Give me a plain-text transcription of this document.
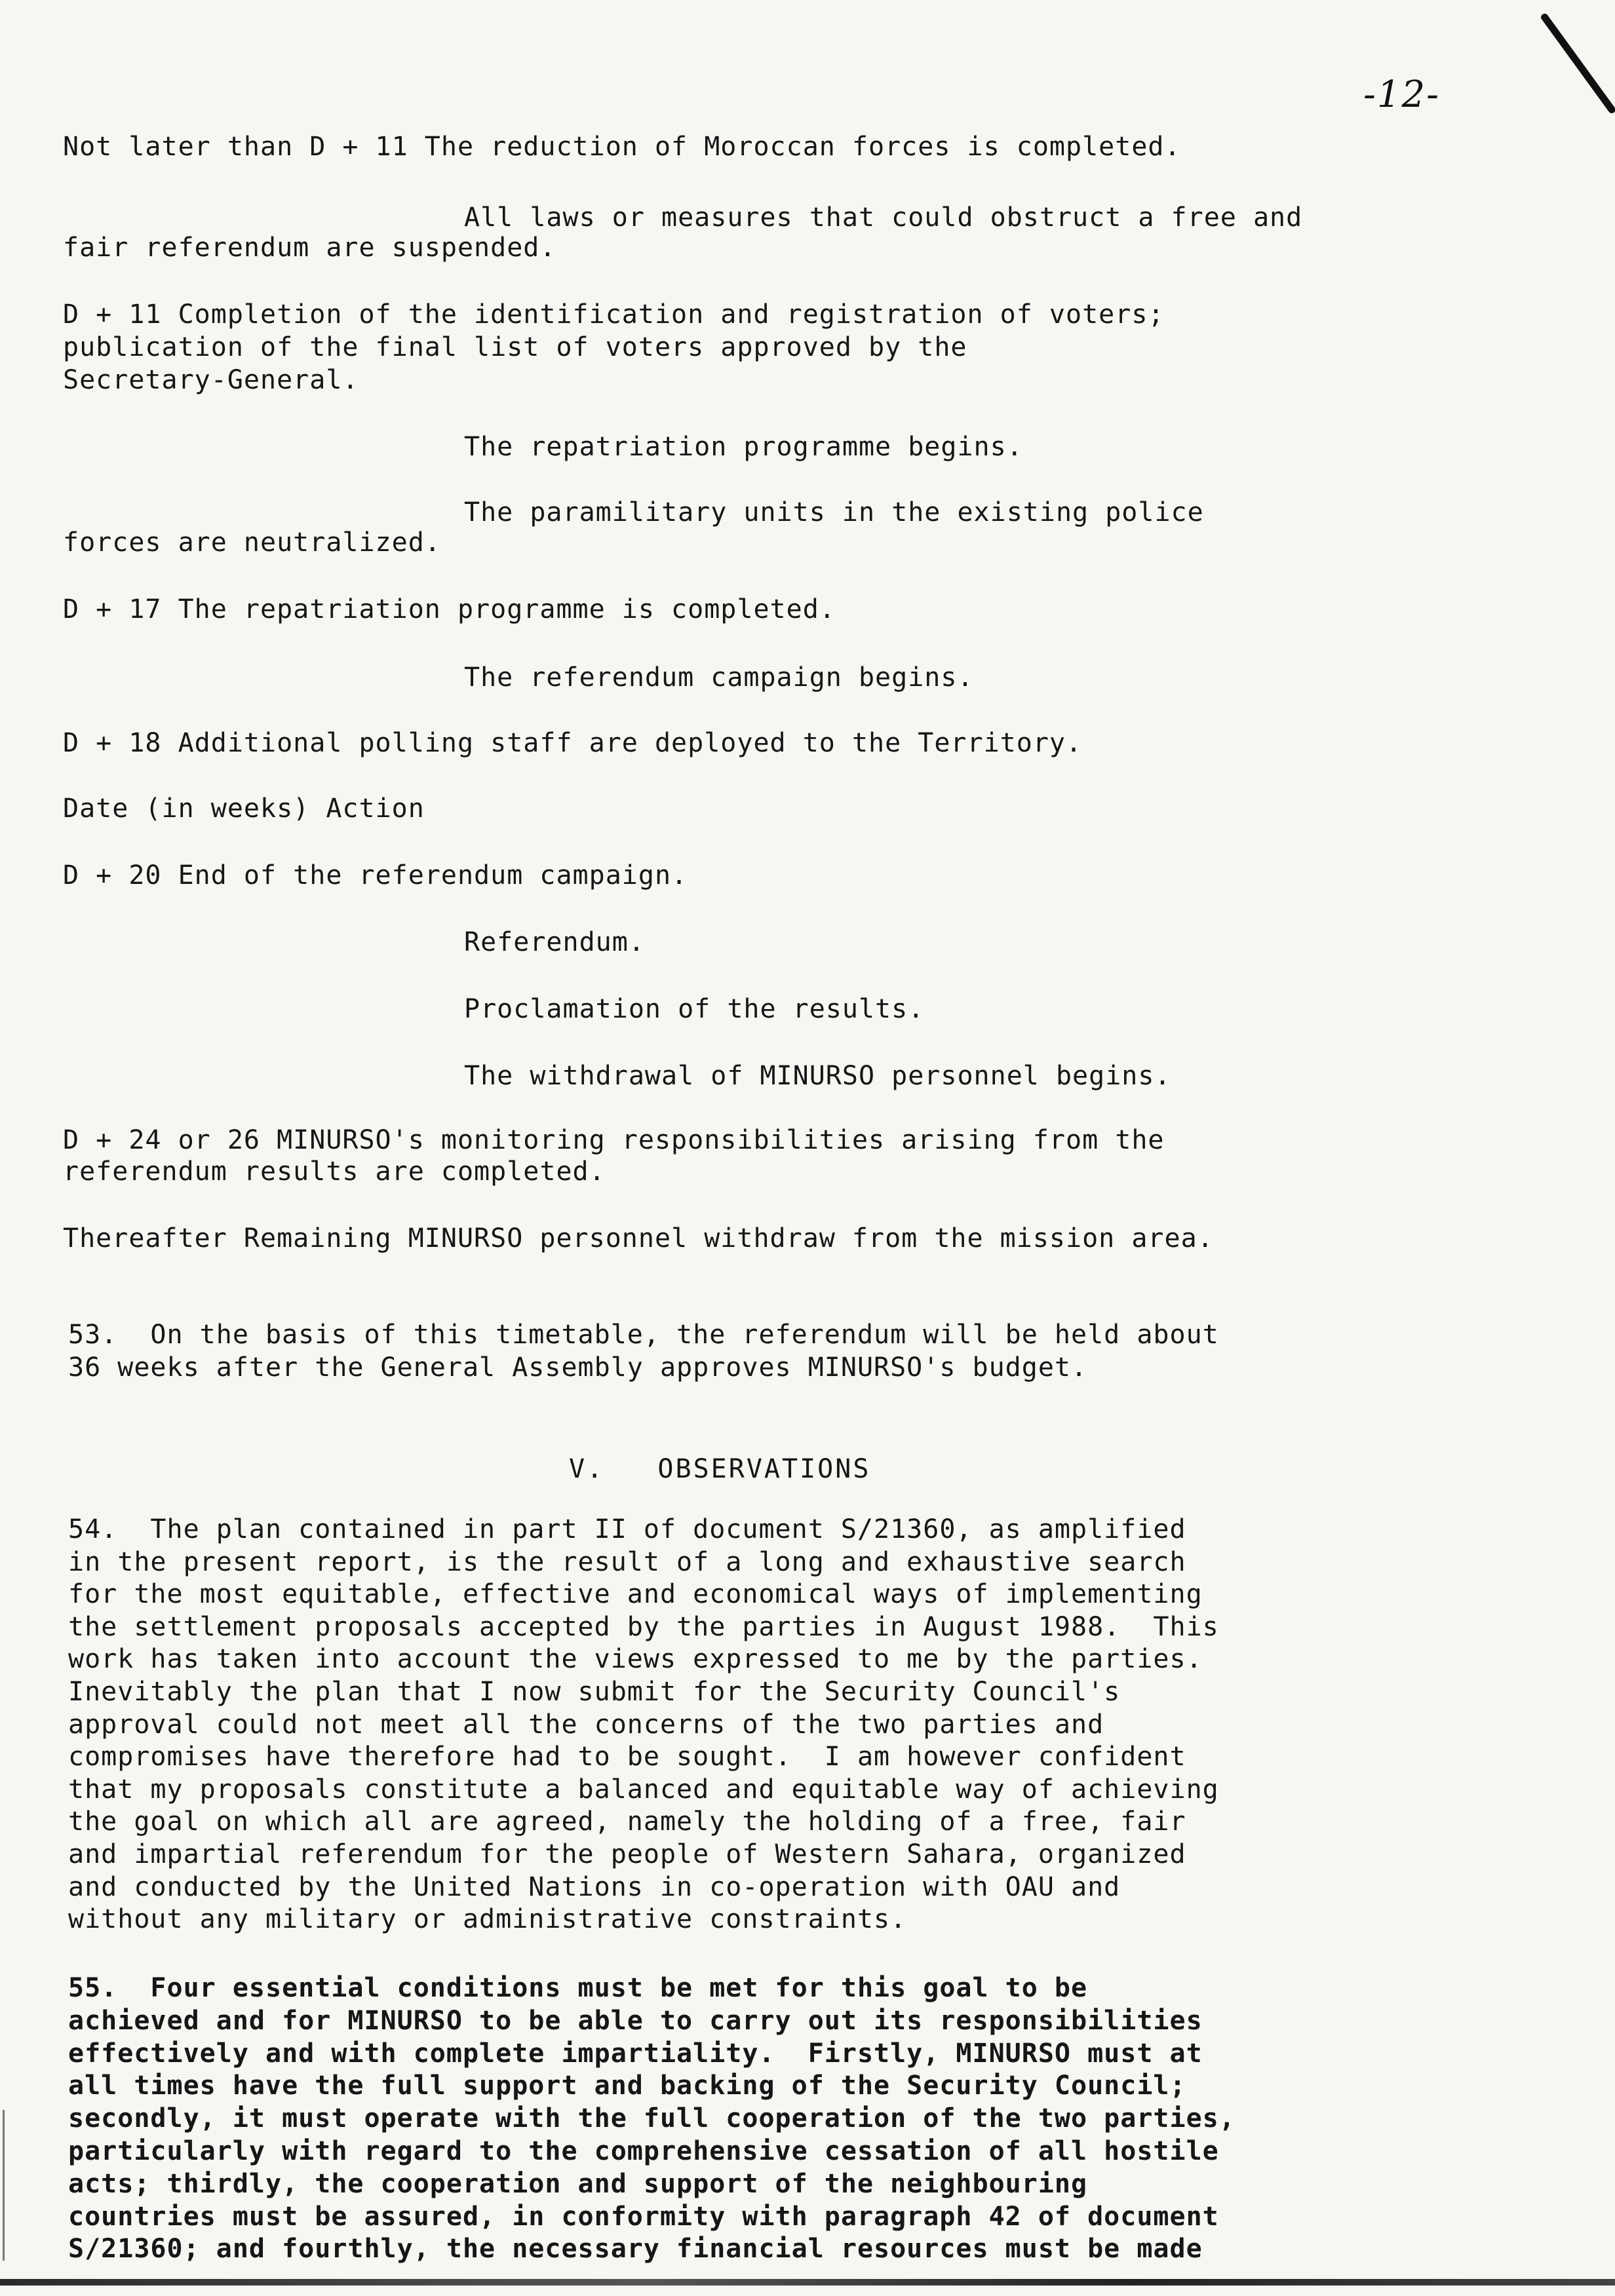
-12-
Not later than D + 11 The reduction of Moroccan forces is completed.
All laws or measures that could obstruct a free and
fair referendum are suspended.
D + 11 Completion of the identification and registration of voters;
publication of the final list of voters approved by the
Secretary-General.
The repatriation programme begins.
The paramilitary units in the existing police
forces are neutralized.
D + 17 The repatriation programme is completed.
The referendum campaign begins.
D + 18 Additional polling staff are deployed to the Territory.
Date (in weeks) Action
D + 20 End of the referendum campaign.
Referendum.
Proclamation of the results.
The withdrawal of MINURSO personnel begins.
D + 24 or 26 MINURSO's monitoring responsibilities arising from the
referendum results are completed.
Thereafter Remaining MINURSO personnel withdraw from the mission area.
53.  On the basis of this timetable, the referendum will be held about
36 weeks after the General Assembly approves MINURSO's budget.
V.   OBSERVATIONS
54.  The plan contained in part II of document S/21360, as amplified
in the present report, is the result of a long and exhaustive search
for the most equitable, effective and economical ways of implementing
the settlement proposals accepted by the parties in August 1988.  This
work has taken into account the views expressed to me by the parties.
Inevitably the plan that I now submit for the Security Council's
approval could not meet all the concerns of the two parties and
compromises have therefore had to be sought.  I am however confident
that my proposals constitute a balanced and equitable way of achieving
the goal on which all are agreed, namely the holding of a free, fair
and impartial referendum for the people of Western Sahara, organized
and conducted by the United Nations in co-operation with OAU and
without any military or administrative constraints.
55.  Four essential conditions must be met for this goal to be
achieved and for MINURSO to be able to carry out its responsibilities
effectively and with complete impartiality.  Firstly, MINURSO must at
all times have the full support and backing of the Security Council;
secondly, it must operate with the full cooperation of the two parties,
particularly with regard to the comprehensive cessation of all hostile
acts; thirdly, the cooperation and support of the neighbouring
countries must be assured, in conformity with paragraph 42 of document
S/21360; and fourthly, the necessary financial resources must be made
